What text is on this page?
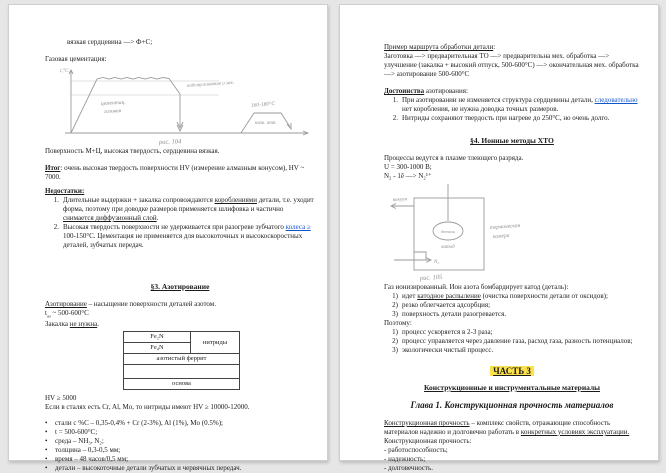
вязкая сердцевина —> Ф+С;
Газовая цементация:
t,°C
цементац.
газовая
подстуживание и зак.
160-180°C
низк. отп.
рис. 104
Поверхность М+Ц, высокая твердость, сердцевина вязкая.
Итог: очень высокая твердость поверхности HV (измерение алмазным конусом), HV ~ 7000.
Недостатки:
1. Длительные выдержки + закалка сопровождаются короблениями детали, т.е. уходит форма, поэтому при доводке размеров применяется шлифовка и частично снимается диффузионный слой.
2. Высокая твердость поверхности не удерживается при разогреве зубчатого колеса ≥ 100-150°C. Цементация не применяется для высокоточных и высокоскоростных деталей, зубчатых передач.
§3. Азотирование
Азотирование – насыщение поверхности деталей азотом.
$t_{аз}$ ~ 500-600°C
Закалка не нужна.
Fe₂N	нитриды
Fe₄N
азотистый феррит

основа
HV ≥ 5000
Если в сталях есть Cr, Al, Mo, то нитриды имеют HV ≥ 10000-12000.
•	стали с %C – 0,35-0,4% + Cr (2-3%), Al (1%), Mo (0.5%);
•	t = 500-600°C;
•	среда – NH₃, N₂;
•	толщина – 0,3-0,5 мм;
•	время – 48 часов/0,5 мм;
•	детали – высокоточные детали зубчатых и червячных передач.
Пример маршрута обработки детали:
Заготовка —> предварительная ТО —> предварительна мех. обработка —> улучшение (закалка + высокий отпуск, 500-600°C) —> окончательная мех. обработка —> азотирование 500-600°C
Достоинства азотирования:
1. При азотировании не изменяется структура сердцевины детали, следовательно нет коробления, не нужна доводка точных размеров.
2. Нитриды сохраняют твердость при нагреве до 250°C, но очень долго.
§4. Ионные методы ХТО
Процессы ведутся в плазме тлеющего разряда.
U = 300-1000 В;
N₂ - 1ē —> N₂¹⁺
деталь
катод
вакуум
термическая
камера
N₂
рис. 105
Газ ионизированный. Ион азота бомбардирует катод (деталь):
1) идет катодное распыление (очистка поверхности детали от оксидов);
2) резко облегчается адсорбция;
3) поверхность детали разогревается.
Поэтому:
1) процесс ускоряется в 2-3 раза;
2) процесс управляется через давление газа, расход газа, разность потенциалов;
3) экологически чистый процесс.
ЧАСТЬ 3
Конструкционные и инструментальные материалы
Глава 1. Конструкционная прочность материалов
Конструкционная прочность – комплекс свойств, отражающие способность материалов надежно и долговечно работать в конкретных условиях эксплуатации.
Конструкционная прочность:
- работоспособность;
- надежность;
- долговечность.
